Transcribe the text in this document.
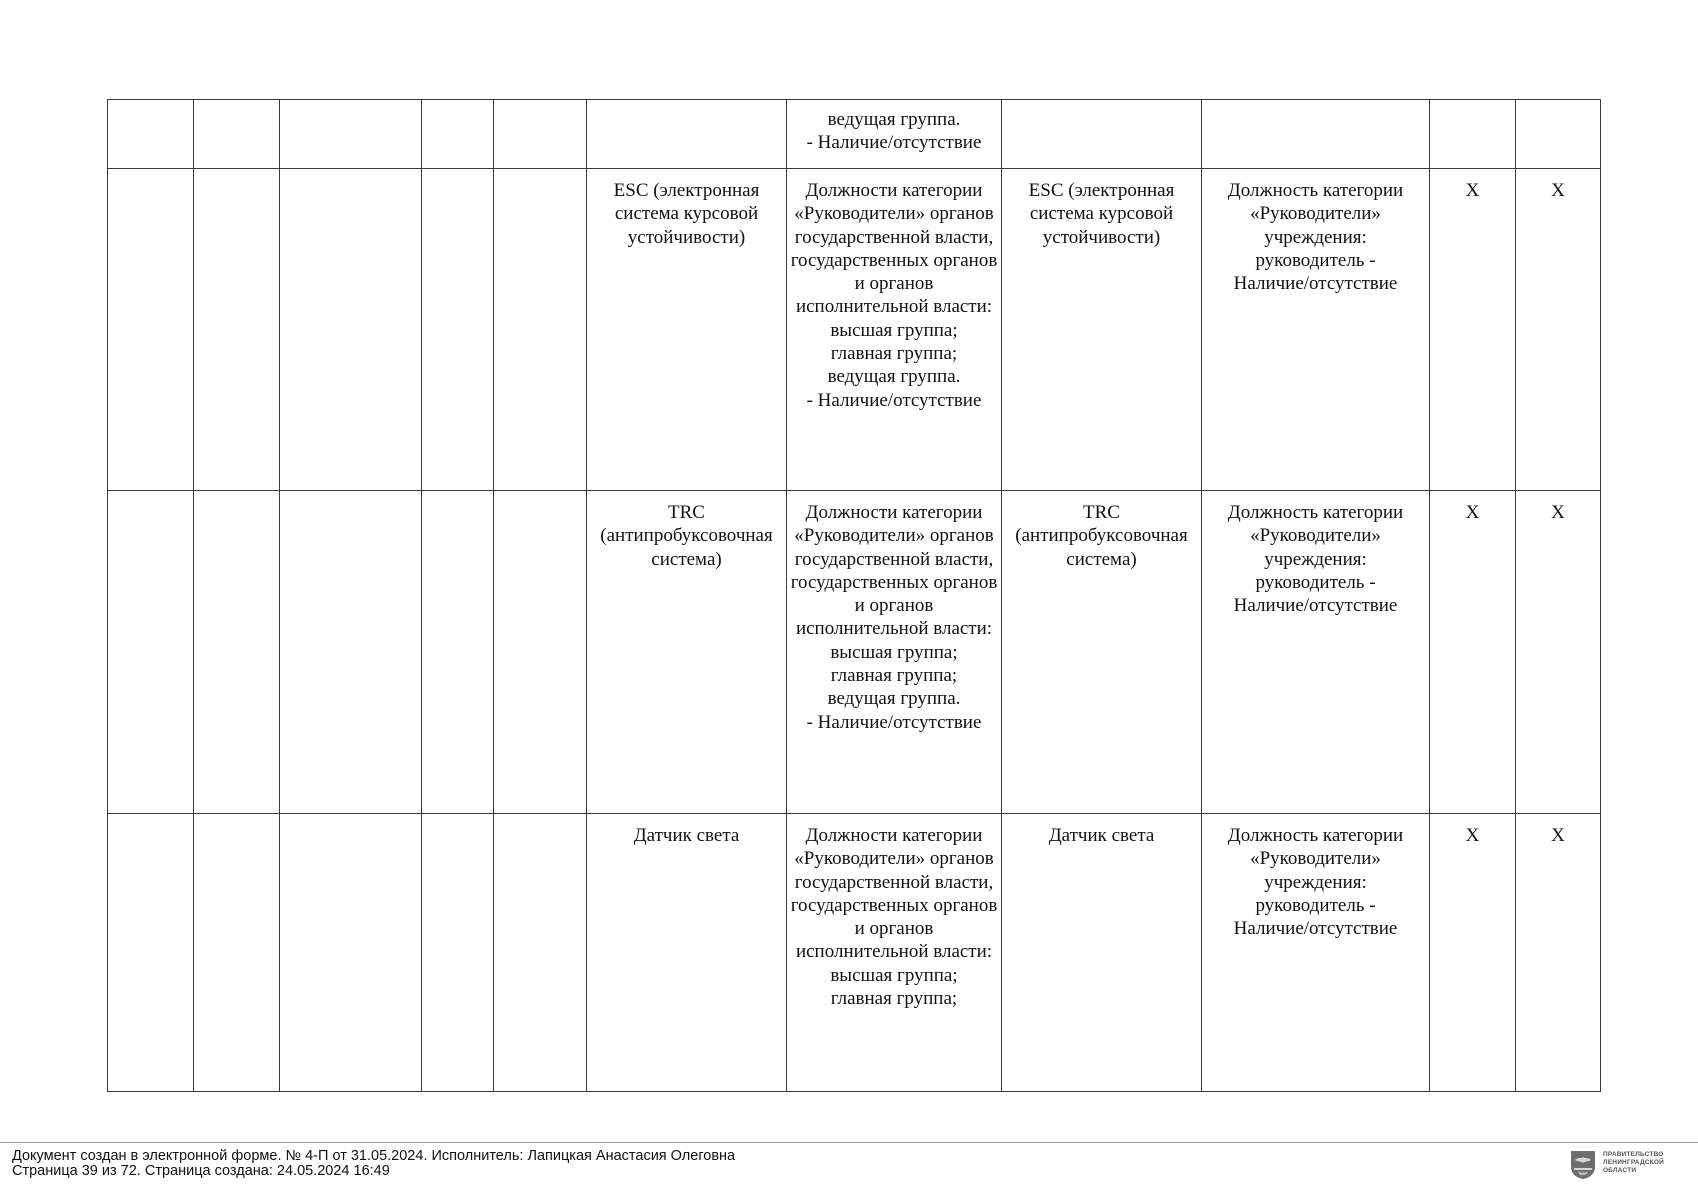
						ведущая группа.
- Наличие/отсутствие				
					ESC (электронная система курсовой устойчивости)	Должности категории «Руководители» органов государственной власти, государственных органов и органов исполнительной власти:
высшая группа;
главная группа;
ведущая группа.
- Наличие/отсутствие	ESC (электронная система курсовой устойчивости)	Должность категории «Руководители» учреждения:
руководитель -
Наличие/отсутствие	X	X
					TRC
(антипробуксовочная система)	Должности категории «Руководители» органов государственной власти, государственных органов и органов исполнительной власти:
высшая группа;
главная группа;
ведущая группа.
- Наличие/отсутствие	TRC
(антипробуксовочная система)	Должность категории «Руководители» учреждения:
руководитель -
Наличие/отсутствие	X	X
					Датчик света	Должности категории «Руководители» органов государственной власти, государственных органов и органов исполнительной власти:
высшая группа;
главная группа;	Датчик света	Должность категории «Руководители» учреждения:
руководитель -
Наличие/отсутствие	X	X
Документ создан в электронной форме. № 4-П от 31.05.2024. Исполнитель: Лапицкая Анастасия Олеговна
Страница 39 из 72. Страница создана: 24.05.2024 16:49
ПРАВИТЕЛЬСТВО
ЛЕНИНГРАДСКОЙ
ОБЛАСТИ
